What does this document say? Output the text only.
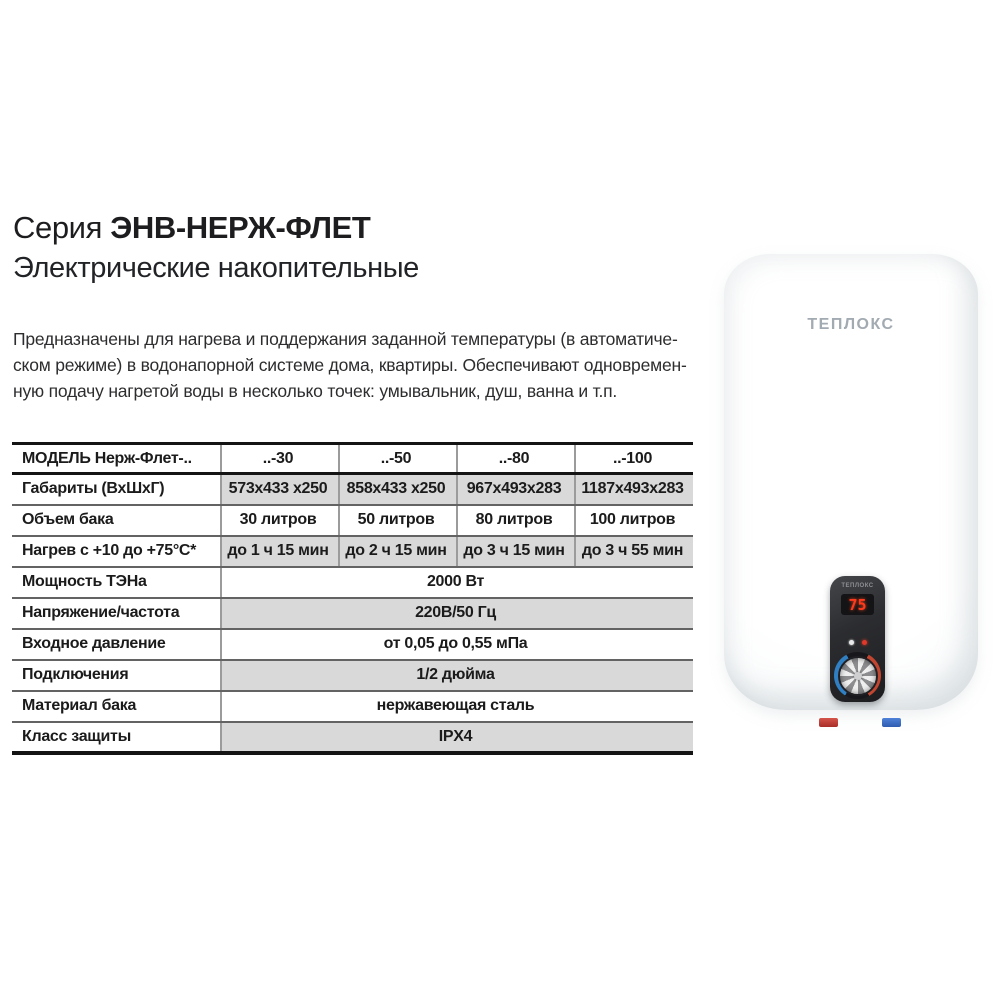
Серия ЭНВ-НЕРЖ-ФЛЕТ
Электрические накопительные
Предназначены для нагрева и поддержания заданной температуры (в автоматиче-
ском режиме) в водонапорной системе дома, квартиры. Обеспечивают одновремен-
ную подачу нагретой воды в несколько точек: умывальник, душ, ванна и т.п.
МОДЕЛЬ Нерж-Флет-..	..-30	..-50	..-80	..-100
Габариты (ВхШхГ)	573х433 х250	858х433 х250	967х493х283	1187х493х283
Объем бака	30 литров	50 литров	80 литров	100 литров
Нагрев с +10 до +75°С*	до 1 ч 15 мин	до 2 ч 15 мин	до 3 ч 15 мин	до 3 ч 55 мин
Мощность ТЭНа	2000 Вт			
Напряжение/частота	220В/50 Гц			
Входное давление	от 0,05 до 0,55 мПа			
Подключения	1/2 дюйма			
Материал бака	нержавеющая сталь			
Класс защиты	IPX4			
ТЕПЛОКС
ТЕПЛОКС
75
